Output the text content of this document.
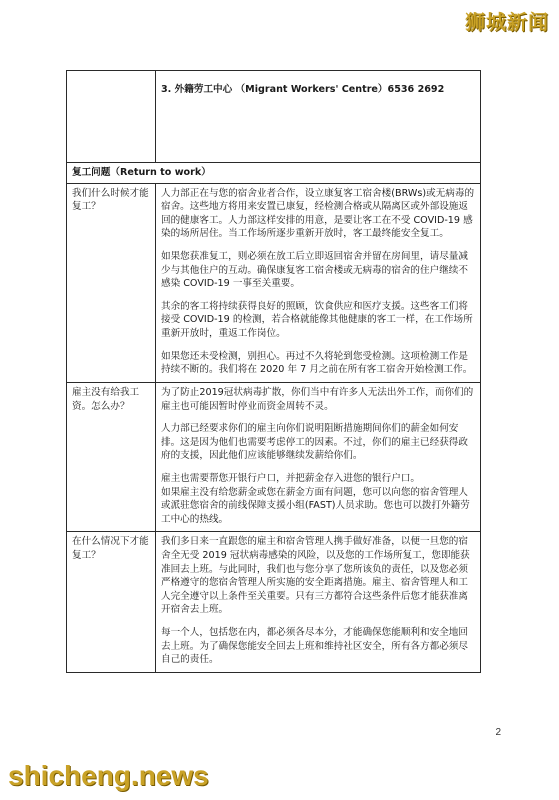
狮城新闻
	3. 外籍劳工中心 （Migrant Workers' Centre）6536 2692
复工问题（Return to work）	
我们什么时候才能复工？	人力部正在与您的宿舍业者合作，设立康复客工宿舍楼(BRWs)或无病毒的宿舍。这些地方将用来安置已康复，经检测合格或从隔离区或外部设施返回的健康客工。人力部这样安排的用意，是要让客工在不受 COVID-19 感染的场所居住。当工作场所逐步重新开放时，客工最终能安全复工。

如果您获准复工，则必须在放工后立即返回宿舍并留在房间里，请尽量减少与其他住户的互动。确保康复客工宿舍楼或无病毒的宿舍的住户继续不感染 COVID-19 一事至关重要。

其余的客工将持续获得良好的照顾，饮食供应和医疗支援。这些客工们将接受 COVID-19 的检测，若合格就能像其他健康的客工一样，在工作场所重新开放时，重返工作岗位。

如果您还未受检测，别担心。再过不久将轮到您受检测。这项检测工作是持续不断的。我们将在 2020 年 7 月之前在所有客工宿舍开始检测工作。

雇主没有给我工资。怎么办？	为了防止2019冠状病毒扩散，你们当中有许多人无法出外工作，而你们的雇主也可能因暂时停业而资金周转不灵。

人力部已经要求你们的雇主向你们说明阻断措施期间你们的薪金如何安排。这是因为他们也需要考虑停工的因素。不过，你们的雇主已经获得政府的支援，因此他们应该能够继续发薪给你们。

雇主也需要帮您开银行户口，并把薪金存入进您的银行户口。

如果雇主没有给您薪金或您在薪金方面有问题，您可以向您的宿舍管理人或派驻您宿舍的前线保障支援小组(FAST)人员求助。您也可以拨打外籍劳工中心的热线。

在什么情况下才能复工？	我们多日来一直跟您的雇主和宿舍管理人携手做好准备，以便一旦您的宿舍全无受 2019 冠状病毒感染的风险，以及您的工作场所复工，您即能获准回去上班。与此同时，我们也与您分享了您所该负的责任，以及您必须严格遵守的您宿舍管理人所实施的安全距离措施。雇主、宿舍管理人和工人完全遵守以上条件至关重要。只有三方都符合这些条件后您才能获准离开宿舍去上班。

每一个人，包括您在内，都必须各尽本分，才能确保您能顺利和安全地回去上班。为了确保您能安全回去上班和维持社区安全，所有各方都必须尽自己的责任。

2
shicheng.news
